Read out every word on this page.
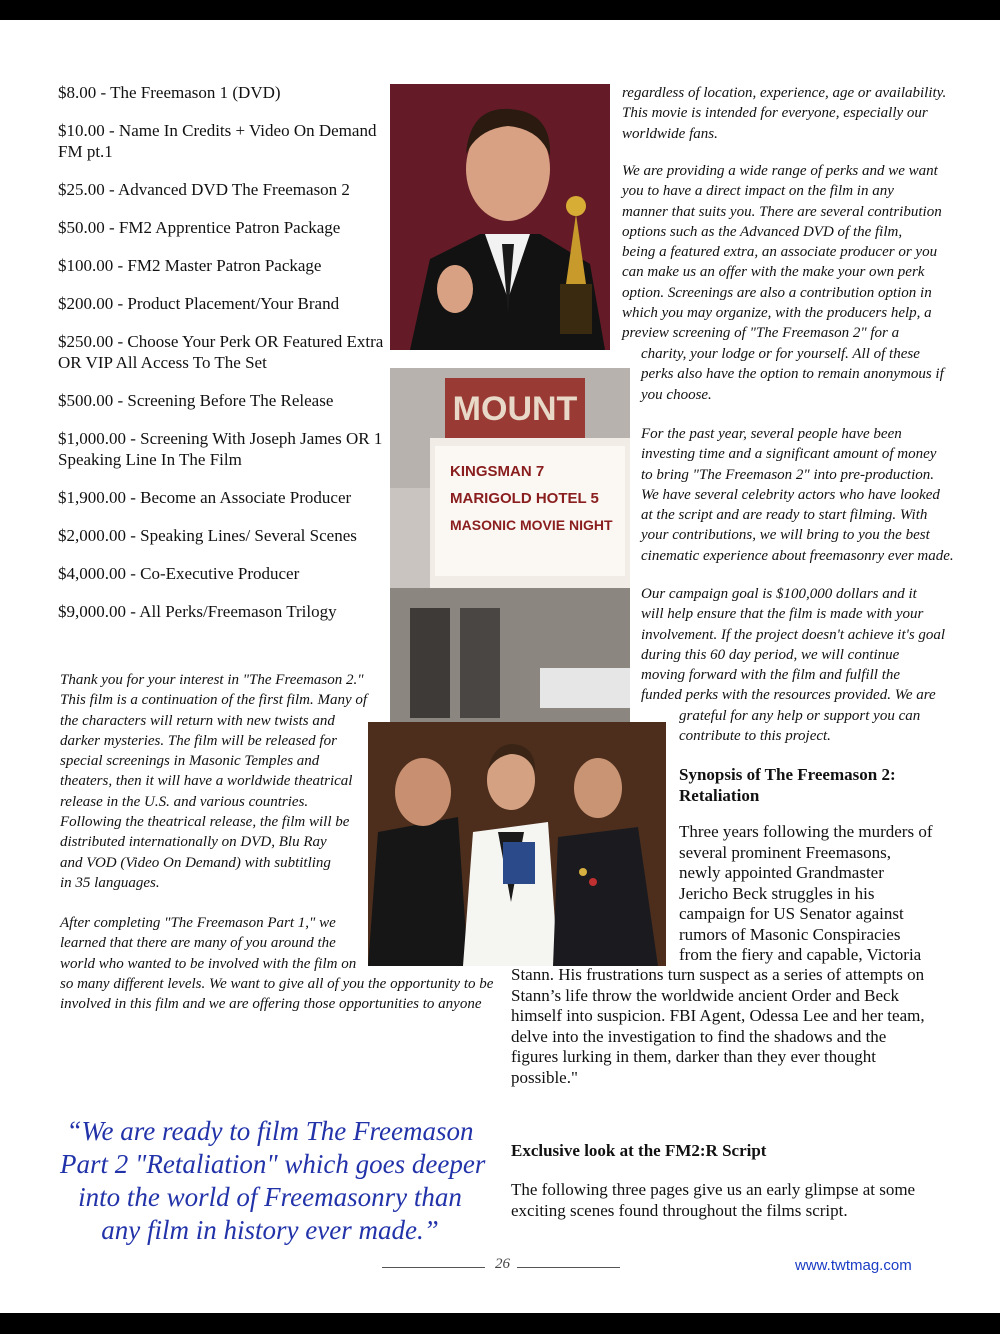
$8.00 - The Freemason 1 (DVD)
$10.00 - Name In Credits + Video On Demand FM pt.1
$25.00 - Advanced DVD The Freemason 2
$50.00 - FM2 Apprentice Patron Package
$100.00 - FM2 Master Patron Package
$200.00 - Product Placement/Your Brand
$250.00 - Choose Your Perk OR Featured Extra OR VIP All Access To The Set
$500.00 - Screening Before The Release
$1,000.00 - Screening With Joseph James OR 1 Speaking Line In The Film
$1,900.00 - Become an Associate Producer
$2,000.00 - Speaking Lines/ Several Scenes
$4,000.00 - Co-Executive Producer
$9,000.00 - All Perks/Freemason Trilogy
MOUNT
KINGSMAN 7
MARIGOLD HOTEL 5
MASONIC MOVIE NIGHT
Thank you for your interest in "The Freemason 2."
This film is a continuation of the first film. Many of
the characters will return with new twists and
darker mysteries. The film will be released for
special screenings in Masonic Temples and
theaters, then it will have a worldwide theatrical
release in the U.S. and various countries.
Following the theatrical release, the film will be
distributed internationally on DVD, Blu Ray
and VOD (Video On Demand) with subtitling
in 35 languages.
After completing "The Freemason Part 1," we
learned that there are many of you around the
world who wanted to be involved with the film on
so many different levels. We want to give all of you the opportunity to be
involved in this film and we are offering those opportunities to anyone
regardless of location, experience, age or availability.
This movie is intended for everyone, especially our
worldwide fans.
We are providing a wide range of perks and we want
you to have a direct impact on the film in any
manner that suits you. There are several contribution
options such as the Advanced DVD of the film,
being a featured extra, an associate producer or you
can make us an offer with the make your own perk
option. Screenings are also a contribution option in
which you may organize, with the producers help, a
preview screening of "The Freemason 2" for a
charity, your lodge or for yourself. All of these
perks also have the option to remain anonymous if
you choose.
For the past year, several people have been
investing time and a significant amount of money
to bring "The Freemason 2" into pre-production.
We have several celebrity actors who have looked
at the script and are ready to start filming. With
your contributions, we will bring to you the best
cinematic experience about freemasonry ever made.
Our campaign goal is $100,000 dollars and it
will help ensure that the film is made with your
involvement. If the project doesn't achieve it's goal
during this 60 day period, we will continue
moving forward with the film and fulfill the
funded perks with the resources provided. We are
grateful for any help or support you can
contribute to this project.
Synopsis of The Freemason 2:
Retaliation
Three years following the murders of
several prominent Freemasons,
newly appointed Grandmaster
Jericho Beck struggles in his
campaign for US Senator against
rumors of Masonic Conspiracies
from the fiery and capable, Victoria
Stann. His frustrations turn suspect as a series of attempts on
Stann’s life throw the worldwide ancient Order and Beck
himself into suspicion. FBI Agent, Odessa Lee and her team,
delve into the investigation to find the shadows and the
figures lurking in them, darker than they ever thought
possible."
“We are ready to film The Freemason
Part 2 "Retaliation" which goes deeper
into the world of Freemasonry than
any film in history ever made.”
Exclusive look at the FM2:R Script
The following three pages give us an early glimpse at some
exciting scenes found throughout the films script.
26	www.twtmag.com
